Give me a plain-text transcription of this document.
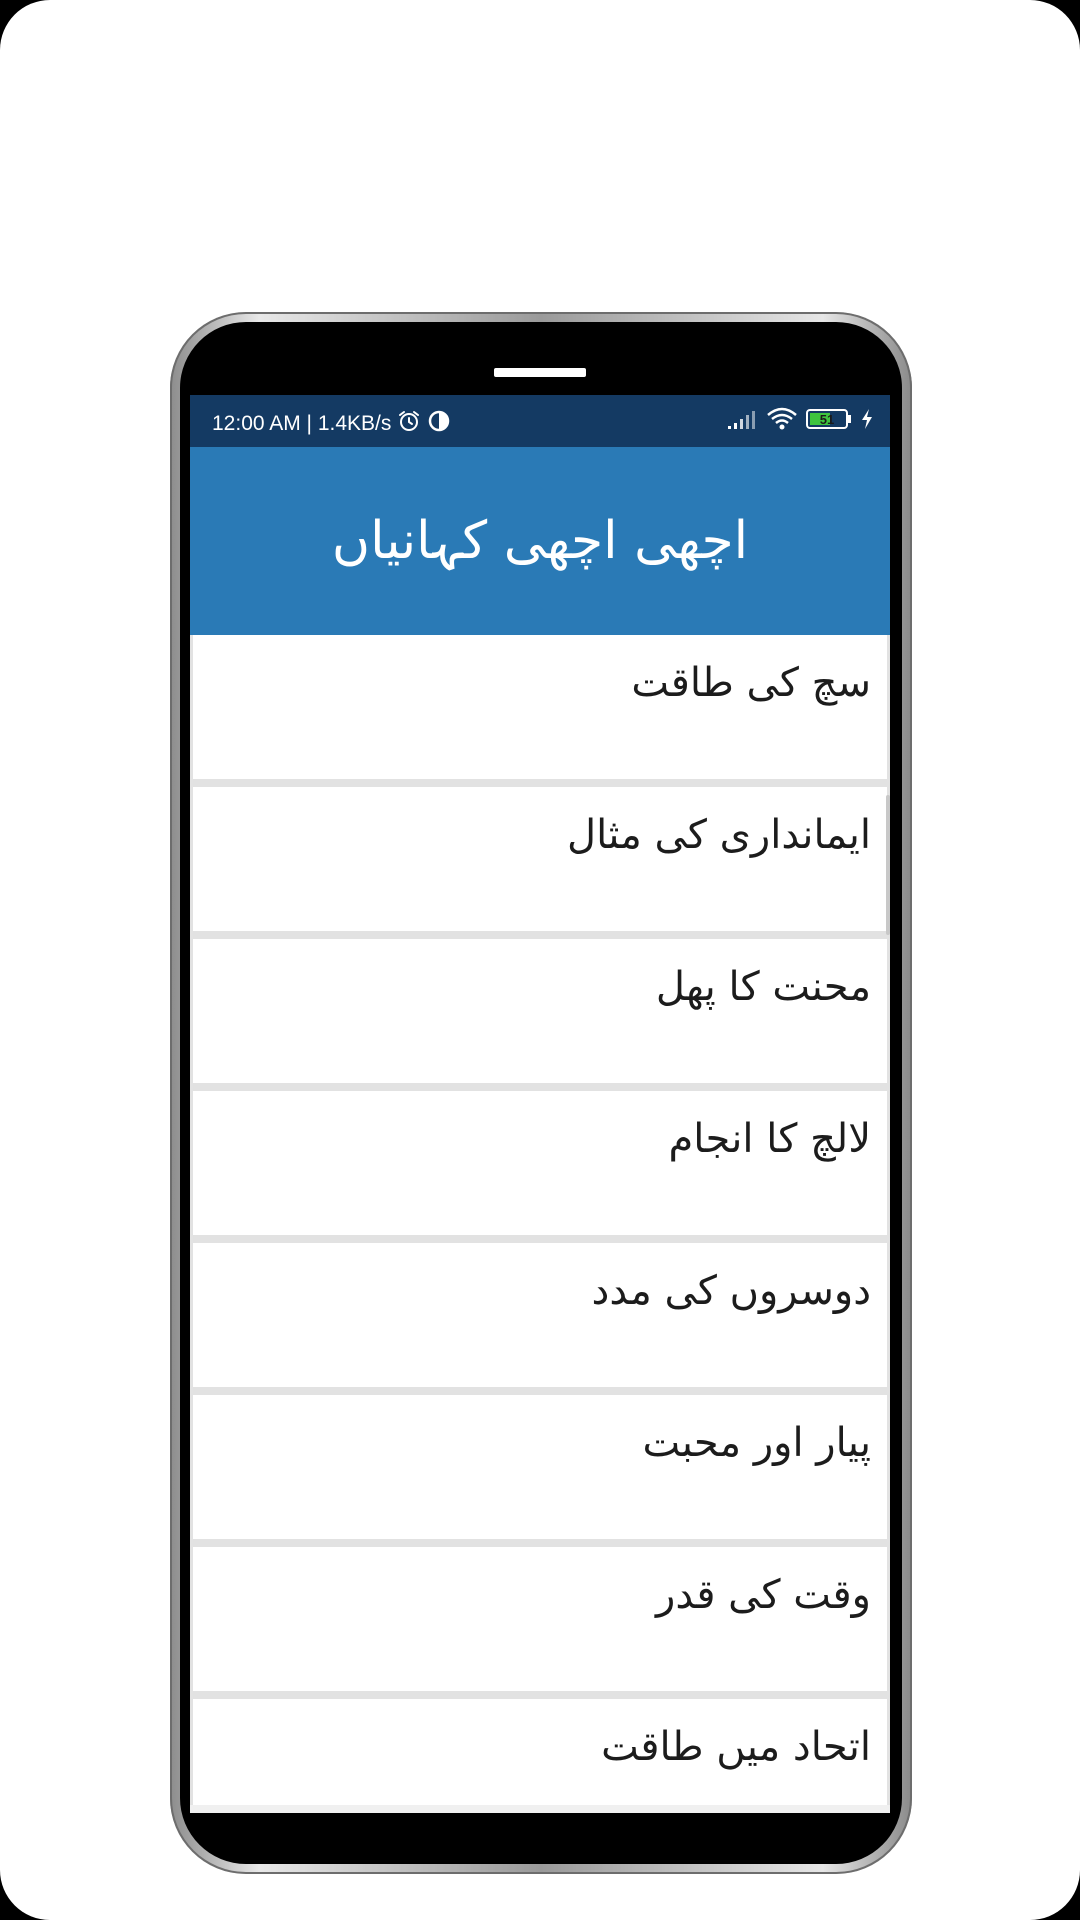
12:00 AM | 1.4KB/s	51
اچھی اچھی کہانیاں
سچ کی طاقت
ایمانداری کی مثال
محنت کا پھل
لالچ کا انجام
دوسروں کی مدد
پیار اور محبت
وقت کی قدر
اتحاد میں طاقت
